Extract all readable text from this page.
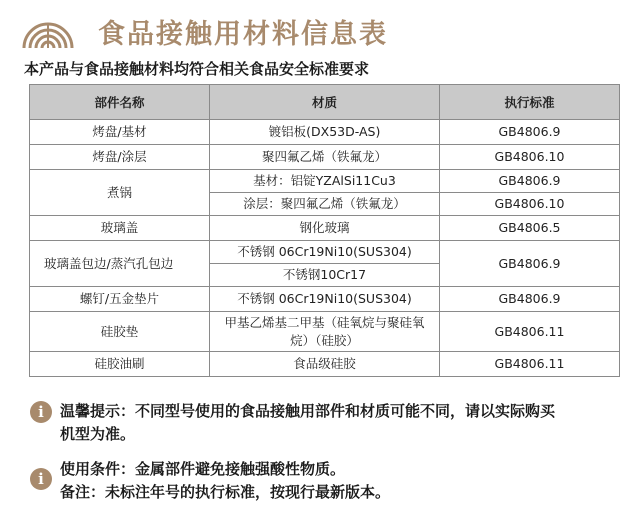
食品接触用材料信息表
本产品与食品接触材料均符合相关食品安全标准要求
部件名称	材质	执行标准
烤盘/基材	镀铝板(DX53D-AS)	GB4806.9
烤盘/涂层	聚四氟乙烯（铁氟龙）	GB4806.10
煮锅	基材：铝锭YZAlSi11Cu3	GB4806.9
	涂层：聚四氟乙烯（铁氟龙）	GB4806.10
玻璃盖	钢化玻璃	GB4806.5
玻璃盖包边/蒸汽孔包边	不锈钢 06Cr19Ni10(SUS304)	GB4806.9
	不锈钢10Cr17	
螺钉/五金垫片	不锈钢 06Cr19Ni10(SUS304)	GB4806.9
硅胶垫	甲基乙烯基二甲基（硅氧烷与聚硅氧烷）（硅胶）	GB4806.11
硅胶油刷	食品级硅胶	GB4806.11
i	温馨提示：不同型号使用的食品接触用部件和材质可能不同，请以实际购买
机型为准。
i
使用条件：金属部件避免接触强酸性物质。
备注：未标注年号的执行标准，按现行最新版本。
